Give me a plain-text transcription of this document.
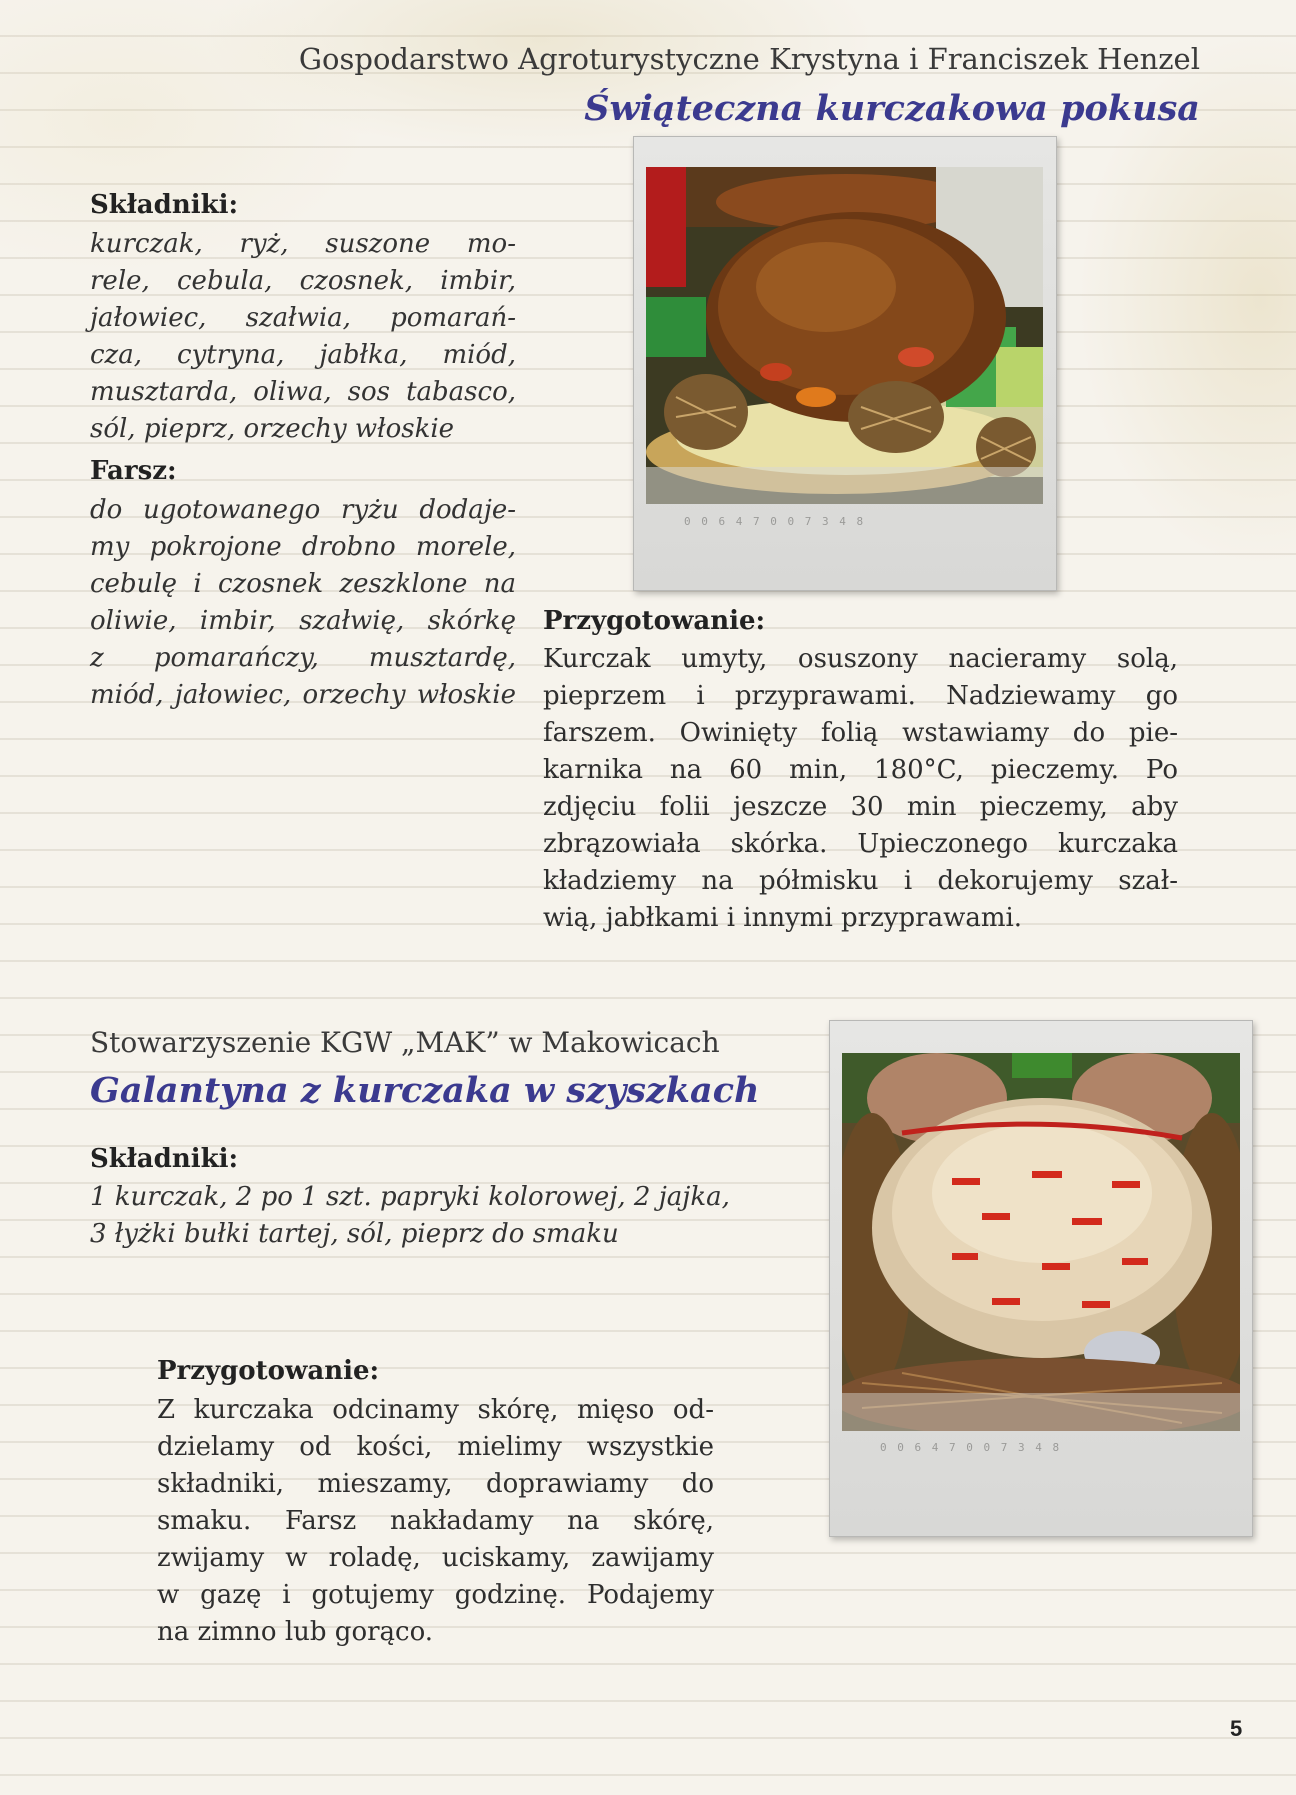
Gospodarstwo Agroturystyczne Krystyna i Franciszek Henzel
Świąteczna kurczakowa pokusa
Składniki:
kurczak, ryż, suszone mo-
rele, cebula, czosnek, imbir,
jałowiec, szałwia, pomarań-
cza, cytryna, jabłka, miód,
musztarda, oliwa, sos tabasco,
sól, pieprz, orzechy włoskie
Farsz:
do ugotowanego ryżu dodaje-
my pokrojone drobno morele,
cebulę i czosnek zeszklone na
oliwie, imbir, szałwię, skórkę
z pomarańczy, musztardę,
miód, jałowiec, orzechy włoskie
0 0 6 4 7 0 0 7 3 4 8
Przygotowanie:
Kurczak umyty, osuszony nacieramy solą,
pieprzem i przyprawami. Nadziewamy go
farszem. Owinięty folią wstawiamy do pie-
karnika na 60 min, 180°C, pieczemy. Po
zdjęciu folii jeszcze 30 min pieczemy, aby
zbrązowiała skórka. Upieczonego kurczaka
kładziemy na półmisku i dekorujemy szał-
wią, jabłkami i innymi przyprawami.
Stowarzyszenie KGW „MAK” w Makowicach
Galantyna z kurczaka w szyszkach
Składniki:
1 kurczak, 2 po 1 szt. papryki kolorowej, 2 jajka,
3 łyżki bułki tartej, sól, pieprz do smaku
0 0 6 4 7 0 0 7 3 4 8
Przygotowanie:
Z kurczaka odcinamy skórę, mięso od-
dzielamy od kości, mielimy wszystkie
składniki, mieszamy, doprawiamy do
smaku. Farsz nakładamy na skórę,
zwijamy w roladę, uciskamy, zawijamy
w gazę i gotujemy godzinę. Podajemy
na zimno lub gorąco.
5
